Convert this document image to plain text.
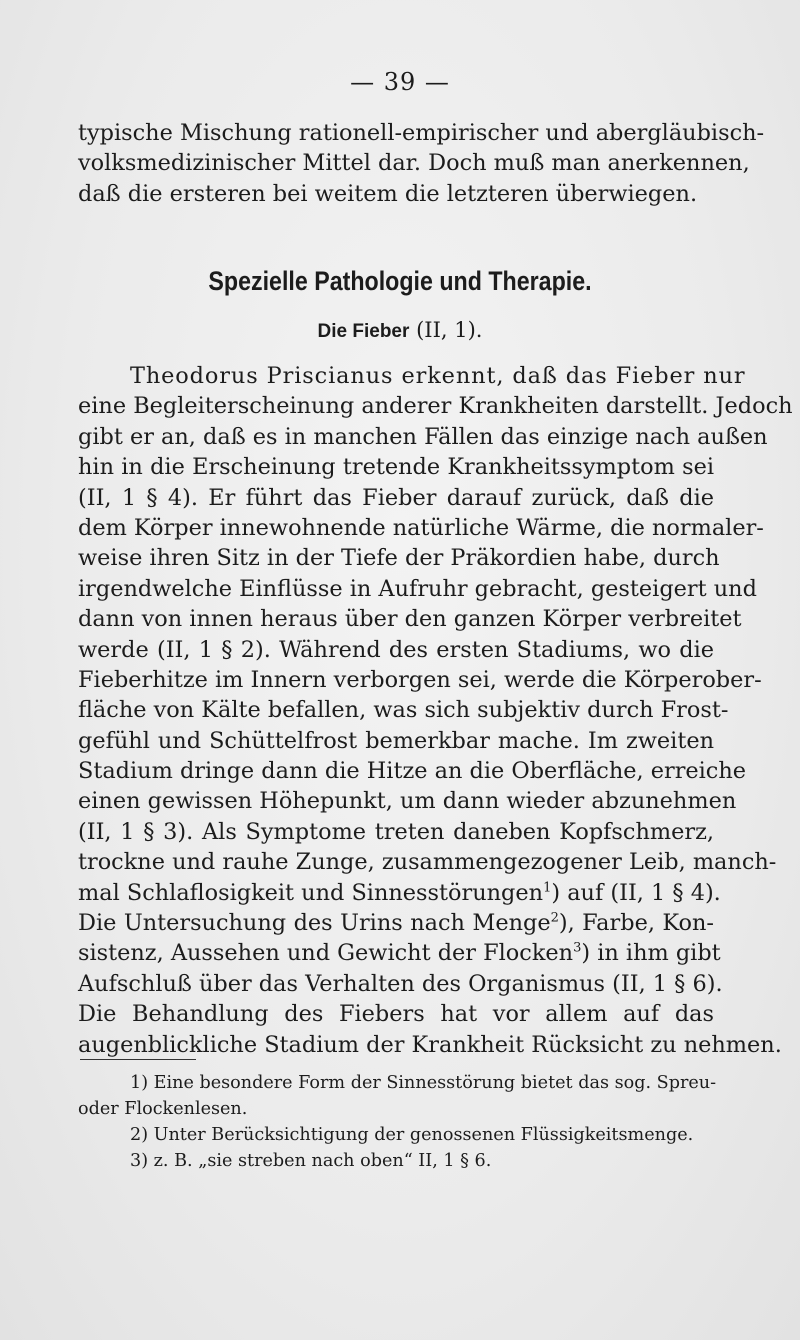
— 39 —
typische Mischung rationell-empirischer und abergläubisch-
volksmedizinischer Mittel dar. Doch muß man anerkennen,
daß die ersteren bei weitem die letzteren überwiegen.
Spezielle Pathologie und Therapie.
Die Fieber (II, 1).
Theodorus Priscianus erkennt, daß das Fieber nur
eine Begleiterscheinung anderer Krankheiten darstellt. Jedoch
gibt er an, daß es in manchen Fällen das einzige nach außen
hin in die Erscheinung tretende Krankheitssymptom sei
(II, 1 § 4). Er führt das Fieber darauf zurück, daß die
dem Körper innewohnende natürliche Wärme, die normaler-
weise ihren Sitz in der Tiefe der Präkordien habe, durch
irgendwelche Einflüsse in Aufruhr gebracht, gesteigert und
dann von innen heraus über den ganzen Körper verbreitet
werde (II, 1 § 2). Während des ersten Stadiums, wo die
Fieberhitze im Innern verborgen sei, werde die Körperober-
fläche von Kälte befallen, was sich subjektiv durch Frost-
gefühl und Schüttelfrost bemerkbar mache. Im zweiten
Stadium dringe dann die Hitze an die Oberfläche, erreiche
einen gewissen Höhepunkt, um dann wieder abzunehmen
(II, 1 § 3). Als Symptome treten daneben Kopfschmerz,
trockne und rauhe Zunge, zusammengezogener Leib, manch-
mal Schlaflosigkeit und Sinnesstörungen$^1$) auf (II, 1 § 4).
Die Untersuchung des Urins nach Menge$^2$), Farbe, Kon-
sistenz, Aussehen und Gewicht der Flocken$^3$) in ihm gibt
Aufschluß über das Verhalten des Organismus (II, 1 § 6).
Die Behandlung des Fiebers hat vor allem auf das
augenblickliche Stadium der Krankheit Rücksicht zu nehmen.
1) Eine besondere Form der Sinnesstörung bietet das sog. Spreu-
oder Flockenlesen.
2) Unter Berücksichtigung der genossenen Flüssigkeitsmenge.
3) z. B. „sie streben nach oben“ II, 1 § 6.
